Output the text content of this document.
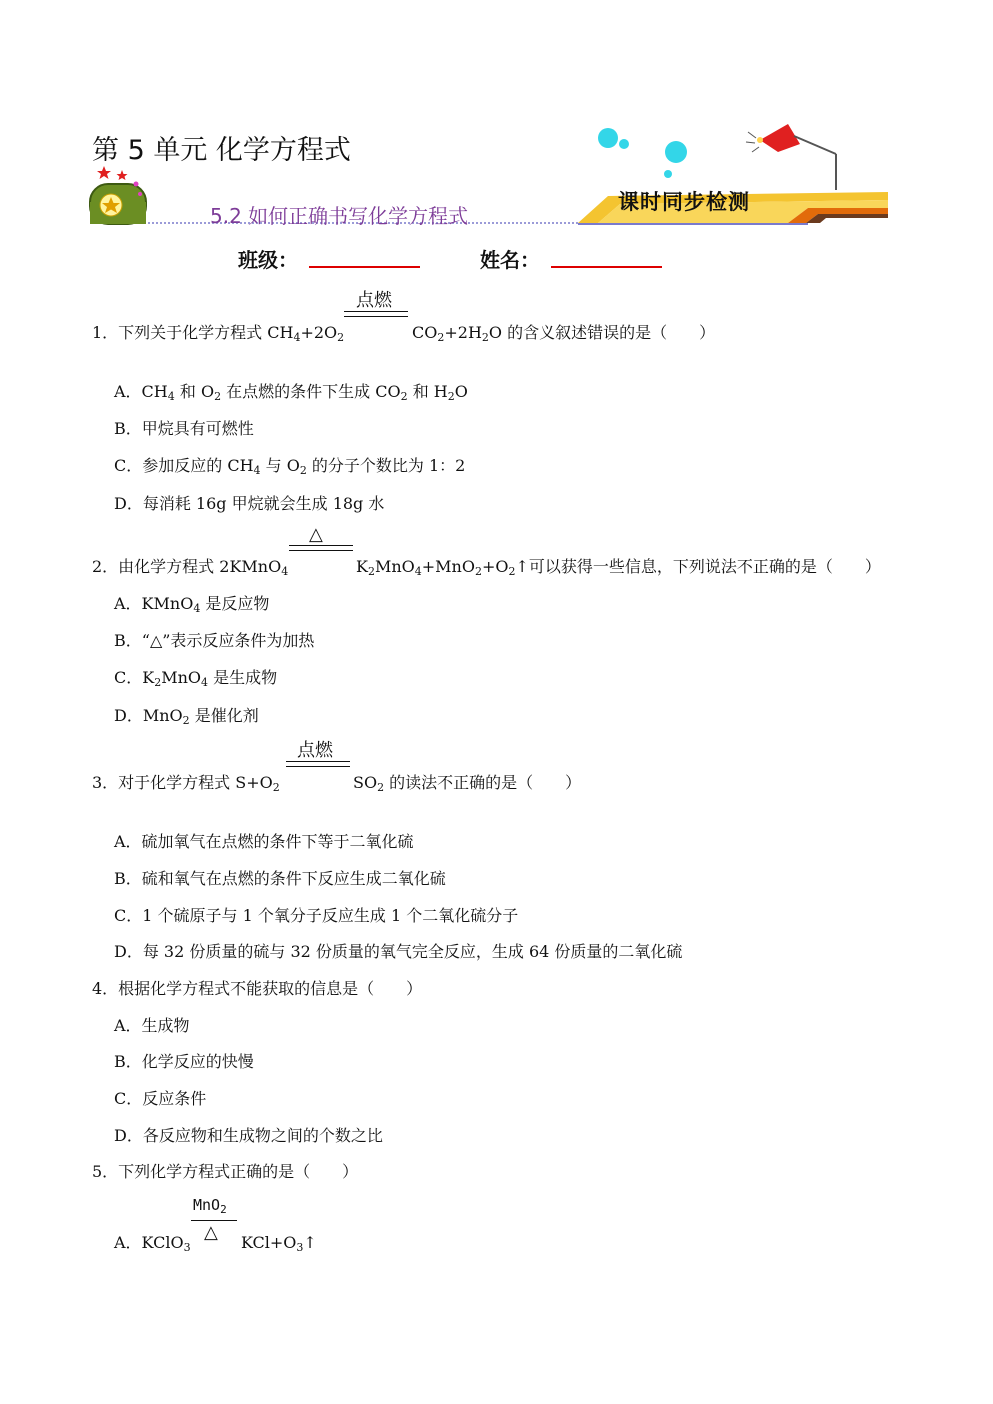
第 5 单元 化学方程式
5.2 如何正确书写化学方程式
课时同步检测
班级：	姓名：
点燃
1．下列关于化学方程式 $CH_4+2O_2$	$CO_2+2H_2O$ 的含义叙述错误的是（　　）
A．$CH_4$ 和 $O_2$ 在点燃的条件下生成 $CO_2$ 和 $H_2O$
B．甲烷具有可燃性
C．参加反应的 $CH_4$ 与 $O_2$ 的分子个数比为 1：2
D．每消耗 16g 甲烷就会生成 18g 水
△
2．由化学方程式 2KMnO$_4$	$K_2MnO_4+MnO_2+O_2↑$可以获得一些信息，下列说法不正确的是（　　）
A．KMnO$_4$ 是反应物
B．“△”表示反应条件为加热
C．$K_2MnO_4$ 是生成物
D．MnO$_2$ 是催化剂
点燃
3．对于化学方程式 $S+O_2$	$SO_2$ 的读法不正确的是（　　）
A．硫加氧气在点燃的条件下等于二氧化硫
B．硫和氧气在点燃的条件下反应生成二氧化硫
C．1 个硫原子与 1 个氧分子反应生成 1 个二氧化硫分子
D．每 32 份质量的硫与 32 份质量的氧气完全反应，生成 64 份质量的二氧化硫
4．根据化学方程式不能获取的信息是（　　）
A．生成物
B．化学反应的快慢
C．反应条件
D．各反应物和生成物之间的个数之比
5．下列化学方程式正确的是（　　）
MnO$_2$
△
A．KClO$_3$	$KCl+O_3↑$
